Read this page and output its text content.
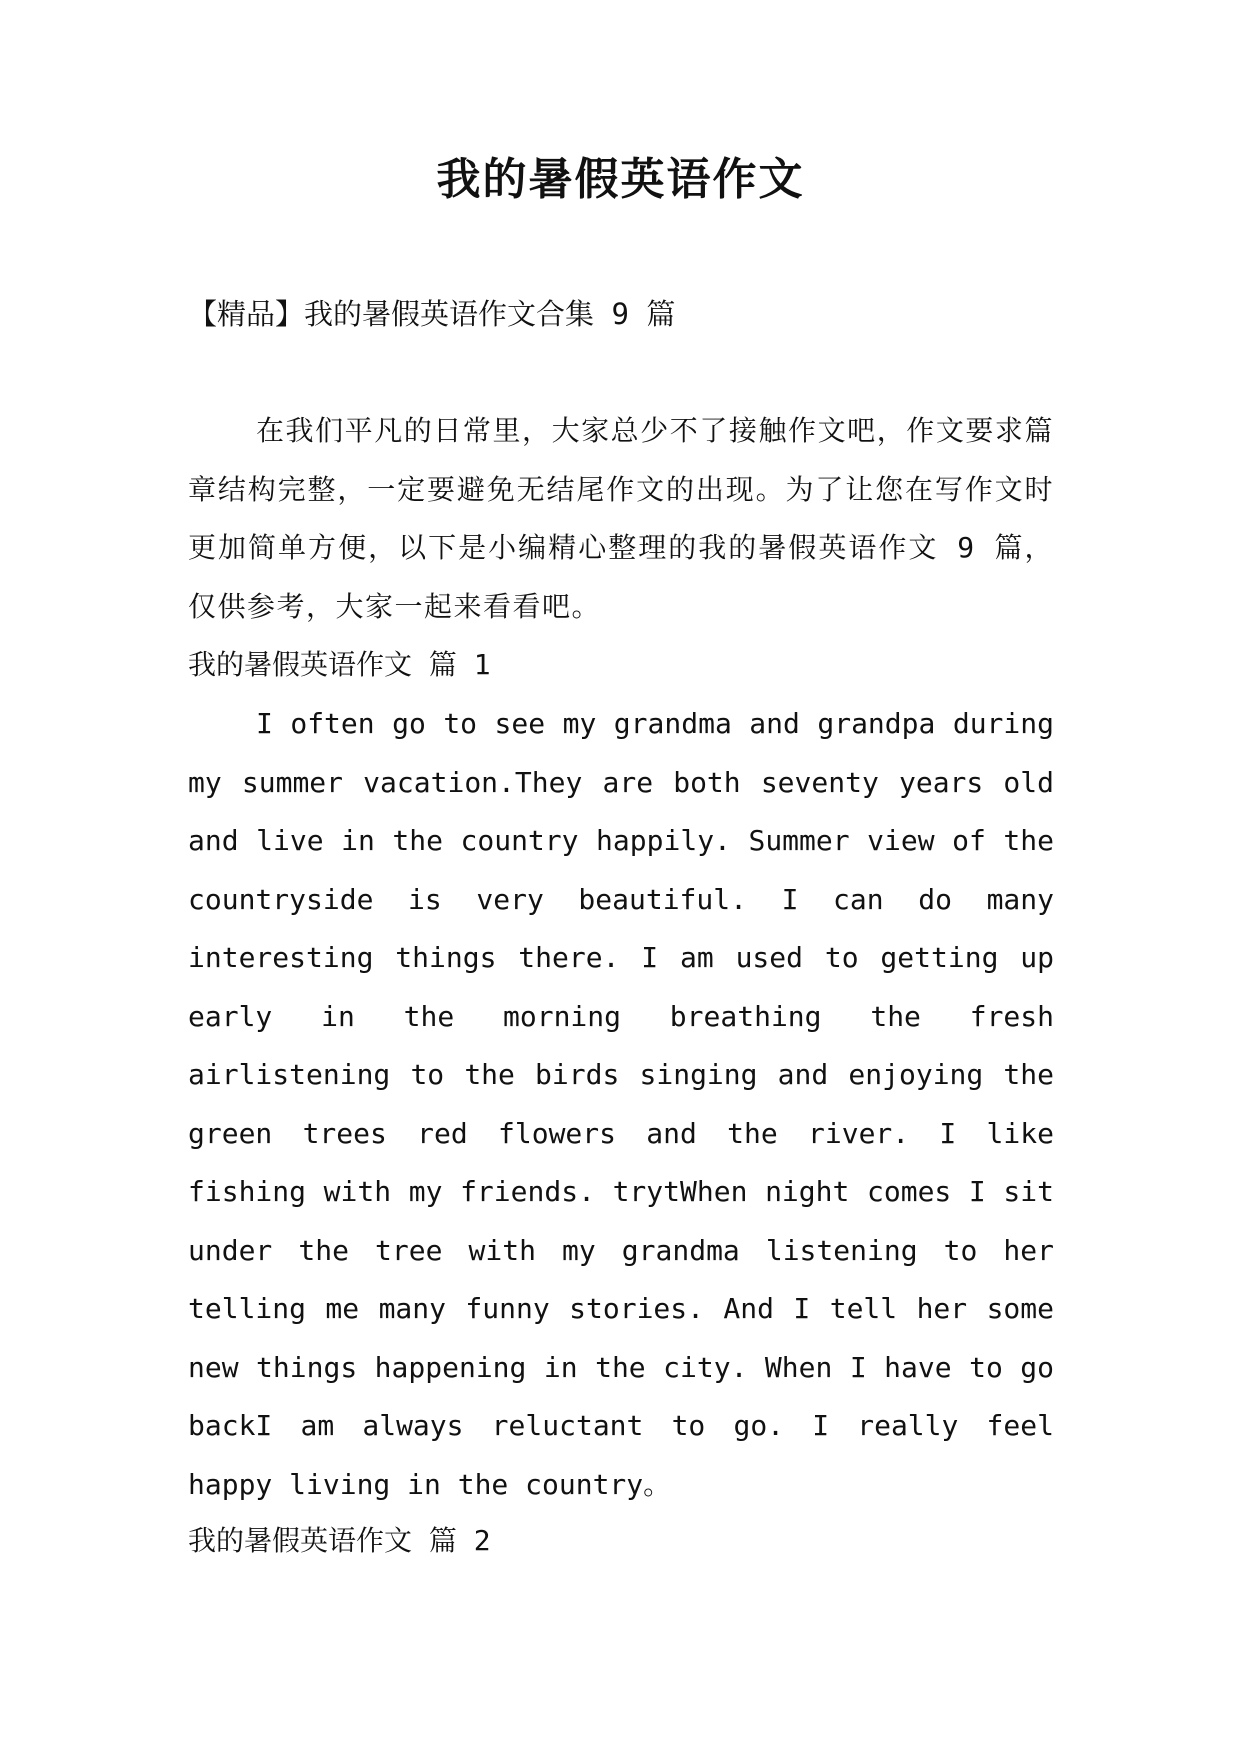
我的暑假英语作文

【精品】我的暑假英语作文合集 9 篇

在我们平凡的日常里，大家总少不了接触作文吧，作文要求篇章结构完整，一定要避免无结尾作文的出现。为了让您在写作文时更加简单方便，以下是小编精心整理的我的暑假英语作文 9 篇，仅供参考，大家一起来看看吧。

我的暑假英语作文 篇 1

I often go to see my grandma and grandpa during my summer vacation.They are both seventy years old and live in the country happily. Summer view of the countryside is very beautiful. I can do many interesting things there. I am used to getting up early in the morning breathing the fresh airlistening to the birds singing and enjoying the green trees red flowers and the river. I like fishing with my friends. trytWhen night comes I sit under the tree with my grandma listening to her telling me many funny stories. And I tell her some new things happening in the city. When I have to go backI am always reluctant to go. I really feel happy living in the country。

我的暑假英语作文 篇 2
